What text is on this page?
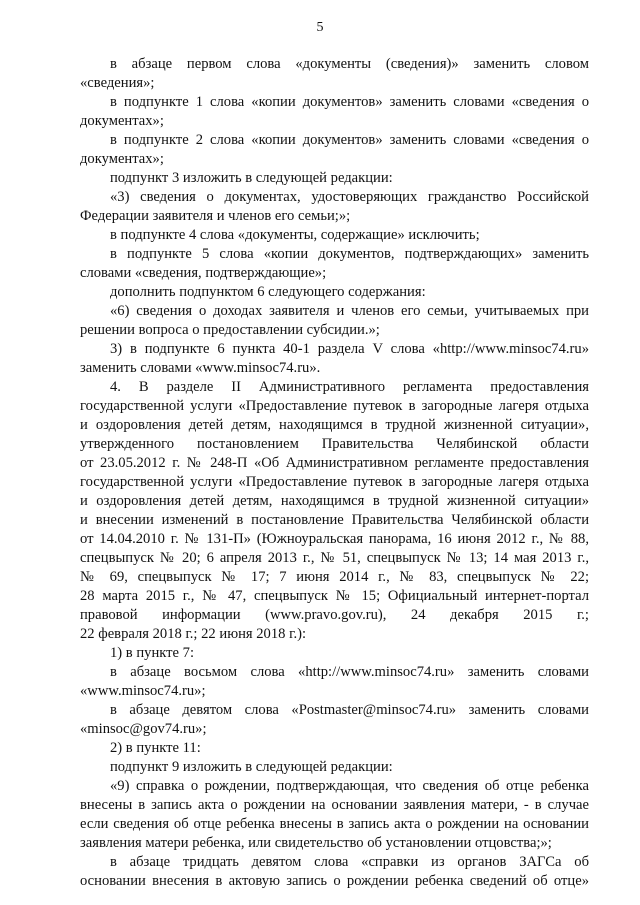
5
в абзаце первом слова «документы (сведения)» заменить словом
«сведения»;
в подпункте 1 слова «копии документов» заменить словами «сведения о
документах»;
в подпункте 2 слова «копии документов» заменить словами «сведения о
документах»;
подпункт 3 изложить в следующей редакции:
«3) сведения о документах, удостоверяющих гражданство Российской
Федерации заявителя и членов его семьи;»;
в подпункте 4 слова «документы, содержащие» исключить;
в подпункте 5 слова «копии документов, подтверждающих» заменить
словами «сведения, подтверждающие»;
дополнить подпунктом 6 следующего содержания:
«6) сведения о доходах заявителя и членов его семьи, учитываемых при
решении вопроса о предоставлении субсидии.»;
3) в подпункте 6 пункта 40-1 раздела V слова «http://www.minsoc74.ru»
заменить словами «www.minsoc74.ru».
4. В разделе II Административного регламента предоставления
государственной услуги «Предоставление путевок в загородные лагеря отдыха
и оздоровления детей детям, находящимся в трудной жизненной ситуации»,
утвержденного постановлением Правительства Челябинской области
от 23.05.2012 г. № 248-П «Об Административном регламенте предоставления
государственной услуги «Предоставление путевок в загородные лагеря отдыха
и оздоровления детей детям, находящимся в трудной жизненной ситуации»
и внесении изменений в постановление Правительства Челябинской области
от 14.04.2010 г. № 131-П» (Южноуральская панорама, 16 июня 2012 г., № 88,
спецвыпуск № 20; 6 апреля 2013 г., № 51, спецвыпуск № 13; 14 мая 2013 г.,
№ 69, спецвыпуск № 17; 7 июня 2014 г., № 83, спецвыпуск № 22;
28 марта 2015 г., № 47, спецвыпуск № 15; Официальный интернет-портал
правовой информации (www.pravo.gov.ru), 24 декабря 2015 г.;
22 февраля 2018 г.; 22 июня 2018 г.):
1) в пункте 7:
в абзаце восьмом слова «http://www.minsoc74.ru» заменить словами
«www.minsoc74.ru»;
в абзаце девятом слова «Postmaster@minsoc74.ru» заменить словами
«minsoc@gov74.ru»;
2) в пункте 11:
подпункт 9 изложить в следующей редакции:
«9) справка о рождении, подтверждающая, что сведения об отце ребенка
внесены в запись акта о рождении на основании заявления матери, - в случае
если сведения об отце ребенка внесены в запись акта о рождении на основании
заявления матери ребенка, или свидетельство об установлении отцовства;»;
в абзаце тридцать девятом слова «справки из органов ЗАГСа об
основании внесения в актовую запись о рождении ребенка сведений об отце»
